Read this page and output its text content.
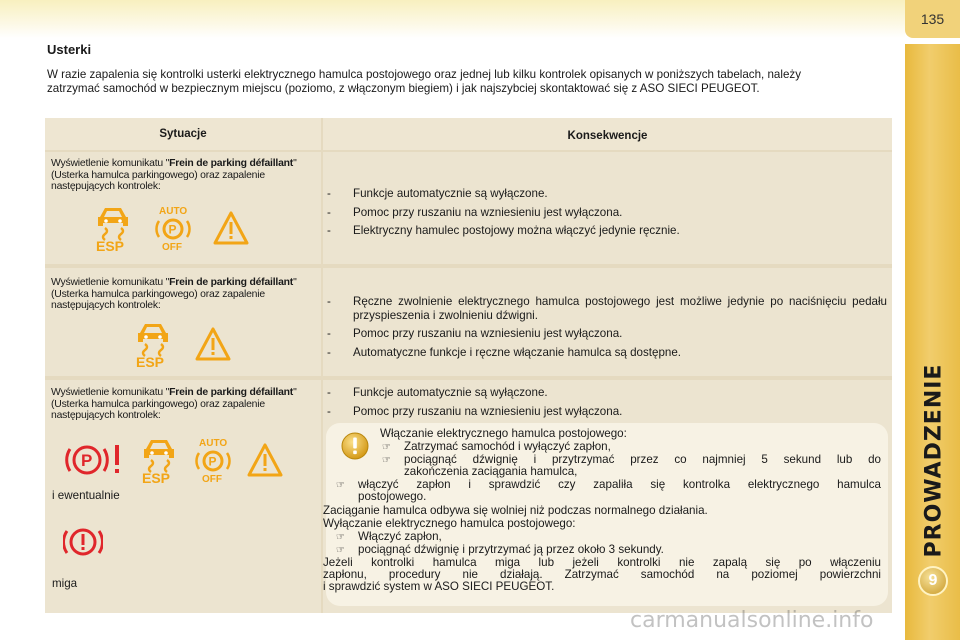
135
PROWADZENIE
9
Usterki
W razie zapalenia się kontrolki usterki elektrycznego hamulca postojowego oraz jednej lub kilku kontrolek opisanych w poniższych tabelach, należy zatrzymać samochód w bezpiecznym miejscu (poziomo, z włączonym biegiem) i jak najszybciej skontaktować się z ASO SIECI PEUGEOT.
Sytuacje	Konsekwencje
Wyświetlenie komunikatu "Frein de parking défaillant" (Usterka hamulca parkingowego) oraz zapalenie następujących kontrolek:
ESP
AUTO
P
OFF
- Funkcje automatycznie są wyłączone.
- Pomoc przy ruszaniu na wzniesieniu jest wyłączona.
- Elektryczny hamulec postojowy można włączyć jedynie ręcznie.
Wyświetlenie komunikatu "Frein de parking défaillant" (Usterka hamulca parkingowego) oraz zapalenie następujących kontrolek:
ESP
- Ręczne zwolnienie elektrycznego hamulca postojowego jest możliwe jedynie po naciśnięciu pedału przyspieszenia i zwolnieniu dźwigni.
- Pomoc przy ruszaniu na wzniesieniu jest wyłączona.
- Automatyczne funkcje i ręczne włączanie hamulca są dostępne.
Wyświetlenie komunikatu "Frein de parking défaillant" (Usterka hamulca parkingowego) oraz zapalenie następujących kontrolek:
P
ESP
AUTO
P
OFF
i ewentualnie
miga
- Funkcje automatycznie są wyłączone.
- Pomoc przy ruszaniu na wzniesieniu jest wyłączona.
Włączanie elektrycznego hamulca postojowego:
☞ Zatrzymać samochód i wyłączyć zapłon,
☞ pociągnąć dźwignię i przytrzymać przez co najmniej 5 sekund lub do
zakończenia zaciągania hamulca,
☞ włączyć zapłon i sprawdzić czy zapaliła się kontrolka elektrycznego hamulca
postojowego.
Zaciąganie hamulca odbywa się wolniej niż podczas normalnego działania.
Wyłączanie elektrycznego hamulca postojowego:
☞ Włączyć zapłon,
☞ pociągnąć dźwignię i przytrzymać ją przez około 3 sekundy.
Jeżeli kontrolki hamulca miga lub jeżeli kontrolki nie zapalą się po włączeniu
zapłonu, procedury nie działają. Zatrzymać samochód na poziomej powierzchni
i sprawdzić system w ASO SIECI PEUGEOT.
carmanualsonline.info
